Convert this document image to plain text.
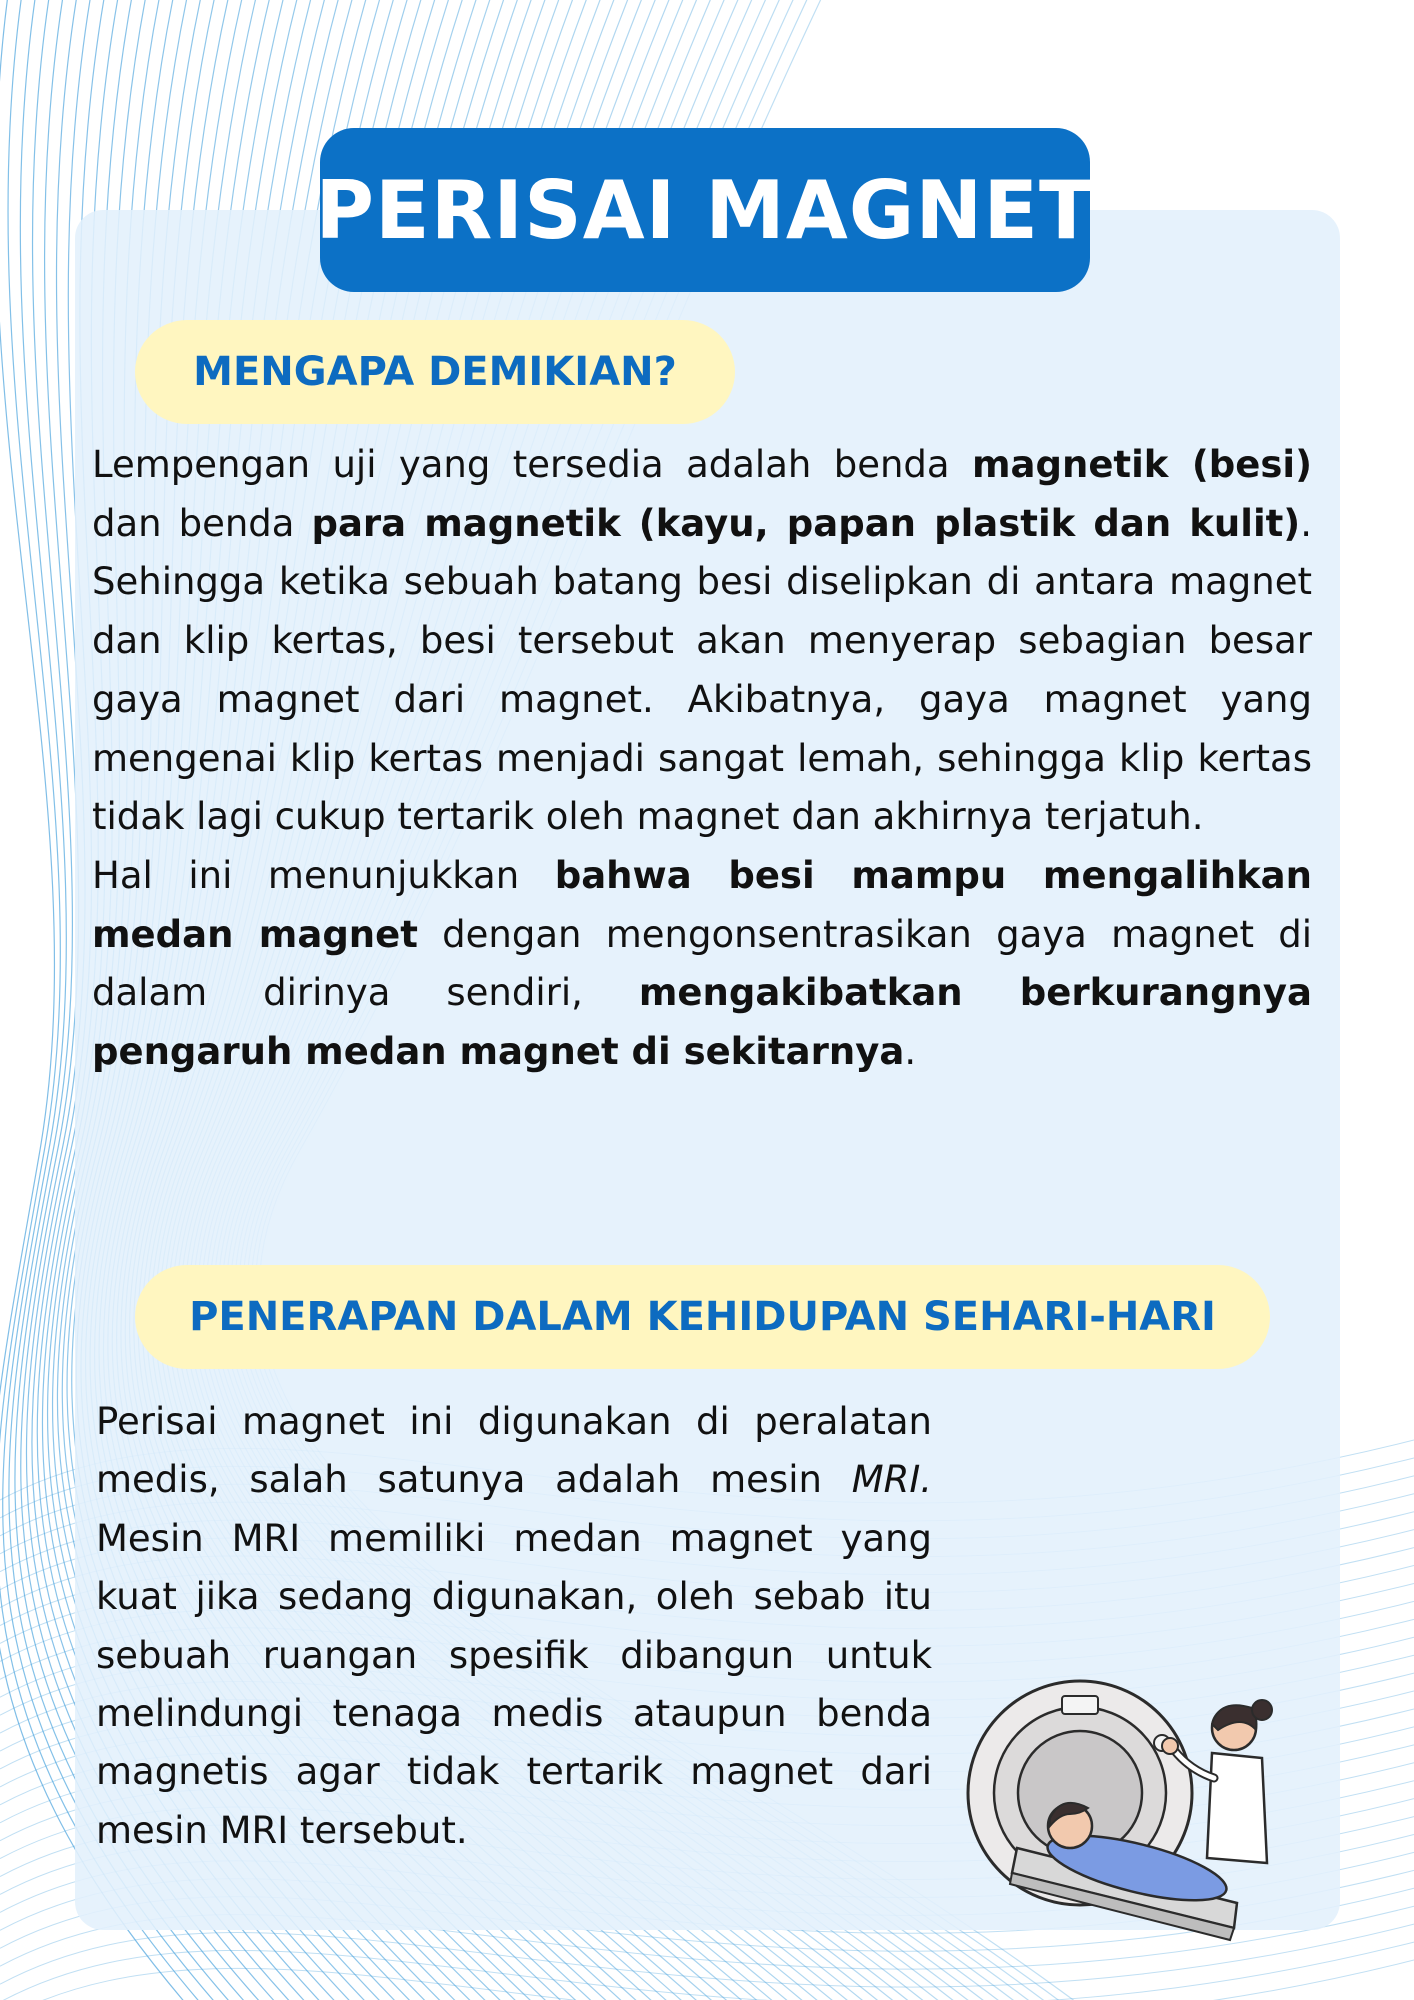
PERISAI MAGNET
MENGAPA DEMIKIAN?
Lempengan uji yang tersedia adalah benda magnetik (besi) dan benda para magnetik (kayu, papan plastik dan kulit). Sehingga ketika sebuah batang besi diselipkan di antara magnet dan klip kertas, besi tersebut akan menyerap sebagian besar gaya magnet dari magnet. Akibatnya, gaya magnet yang mengenai klip kertas menjadi sangat lemah, sehingga klip kertas tidak lagi cukup tertarik oleh magnet dan akhirnya terjatuh.
Hal ini menunjukkan bahwa besi mampu mengalihkan medan magnet dengan mengonsentrasikan gaya magnet di dalam dirinya sendiri, mengakibatkan berkurangnya pengaruh medan magnet di sekitarnya.
PENERAPAN DALAM KEHIDUPAN SEHARI-HARI
Perisai magnet ini digunakan di peralatan medis, salah satunya adalah mesin MRI. Mesin MRI memiliki medan magnet yang kuat jika sedang digunakan, oleh sebab itu sebuah ruangan spesifik dibangun untuk melindungi tenaga medis ataupun benda magnetis agar tidak tertarik magnet dari mesin MRI tersebut.
